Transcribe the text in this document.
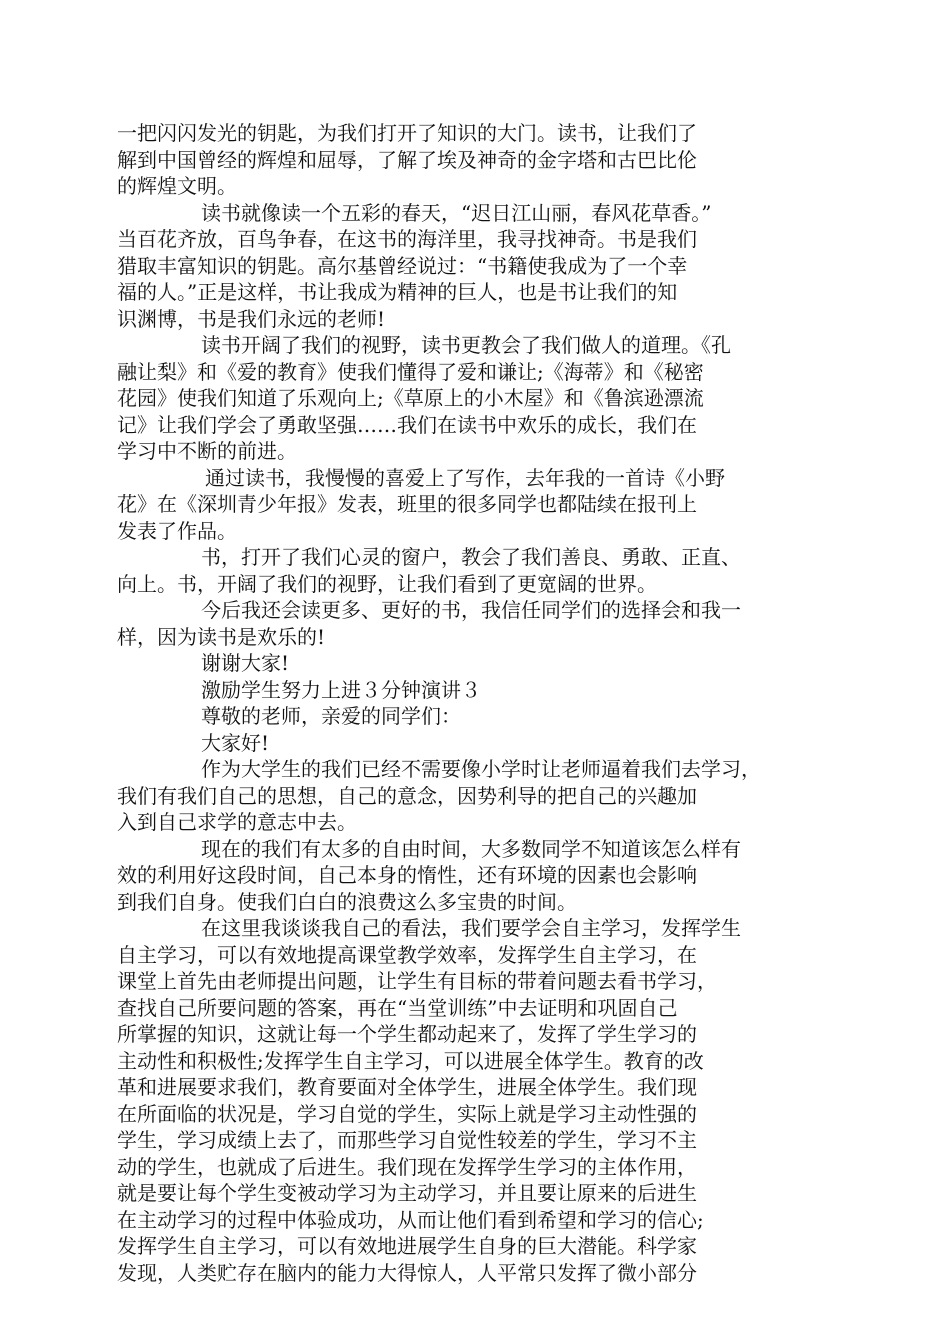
一把闪闪发光的钥匙，为我们打开了知识的大门。读书，让我们了
解到中国曾经的辉煌和屈辱，了解了埃及神奇的金字塔和古巴比伦
的辉煌文明。
读书就像读一个五彩的春天，“迟日江山丽，春风花草香。”
当百花齐放，百鸟争春，在这书的海洋里，我寻找神奇。书是我们
猎取丰富知识的钥匙。高尔基曾经说过：“书籍使我成为了一个幸
福的人。”正是这样，书让我成为精神的巨人，也是书让我们的知
识渊博，书是我们永远的老师!
读书开阔了我们的视野，读书更教会了我们做人的道理。《孔
融让梨》和《爱的教育》使我们懂得了爱和谦让;《海蒂》和《秘密
花园》使我们知道了乐观向上;《草原上的小木屋》和《鲁滨逊漂流
记》让我们学会了勇敢坚强……我们在读书中欢乐的成长，我们在
学习中不断的前进。
通过读书，我慢慢的喜爱上了写作，去年我的一首诗《小野
花》在《深圳青少年报》发表，班里的很多同学也都陆续在报刊上
发表了作品。
书，打开了我们心灵的窗户，教会了我们善良、勇敢、正直、
向上。书，开阔了我们的视野，让我们看到了更宽阔的世界。
今后我还会读更多、更好的书，我信任同学们的选择会和我一
样，因为读书是欢乐的!
谢谢大家!
激励学生努力上进３分钟演讲３
尊敬的老师，亲爱的同学们：
大家好!
作为大学生的我们已经不需要像小学时让老师逼着我们去学习，
我们有我们自己的思想，自己的意念，因势利导的把自己的兴趣加
入到自己求学的意志中去。
现在的我们有太多的自由时间，大多数同学不知道该怎么样有
效的利用好这段时间，自己本身的惰性，还有环境的因素也会影响
到我们自身。使我们白白的浪费这么多宝贵的时间。
在这里我谈谈我自己的看法，我们要学会自主学习，发挥学生
自主学习，可以有效地提高课堂教学效率，发挥学生自主学习，在
课堂上首先由老师提出问题，让学生有目标的带着问题去看书学习，
查找自己所要问题的答案，再在“当堂训练”中去证明和巩固自己
所掌握的知识，这就让每一个学生都动起来了，发挥了学生学习的
主动性和积极性;发挥学生自主学习，可以进展全体学生。教育的改
革和进展要求我们，教育要面对全体学生，进展全体学生。我们现
在所面临的状况是，学习自觉的学生，实际上就是学习主动性强的
学生，学习成绩上去了，而那些学习自觉性较差的学生，学习不主
动的学生，也就成了后进生。我们现在发挥学生学习的主体作用，
就是要让每个学生变被动学习为主动学习，并且要让原来的后进生
在主动学习的过程中体验成功，从而让他们看到希望和学习的信心;
发挥学生自主学习，可以有效地进展学生自身的巨大潜能。科学家
发现，人类贮存在脑内的能力大得惊人，人平常只发挥了微小部分
